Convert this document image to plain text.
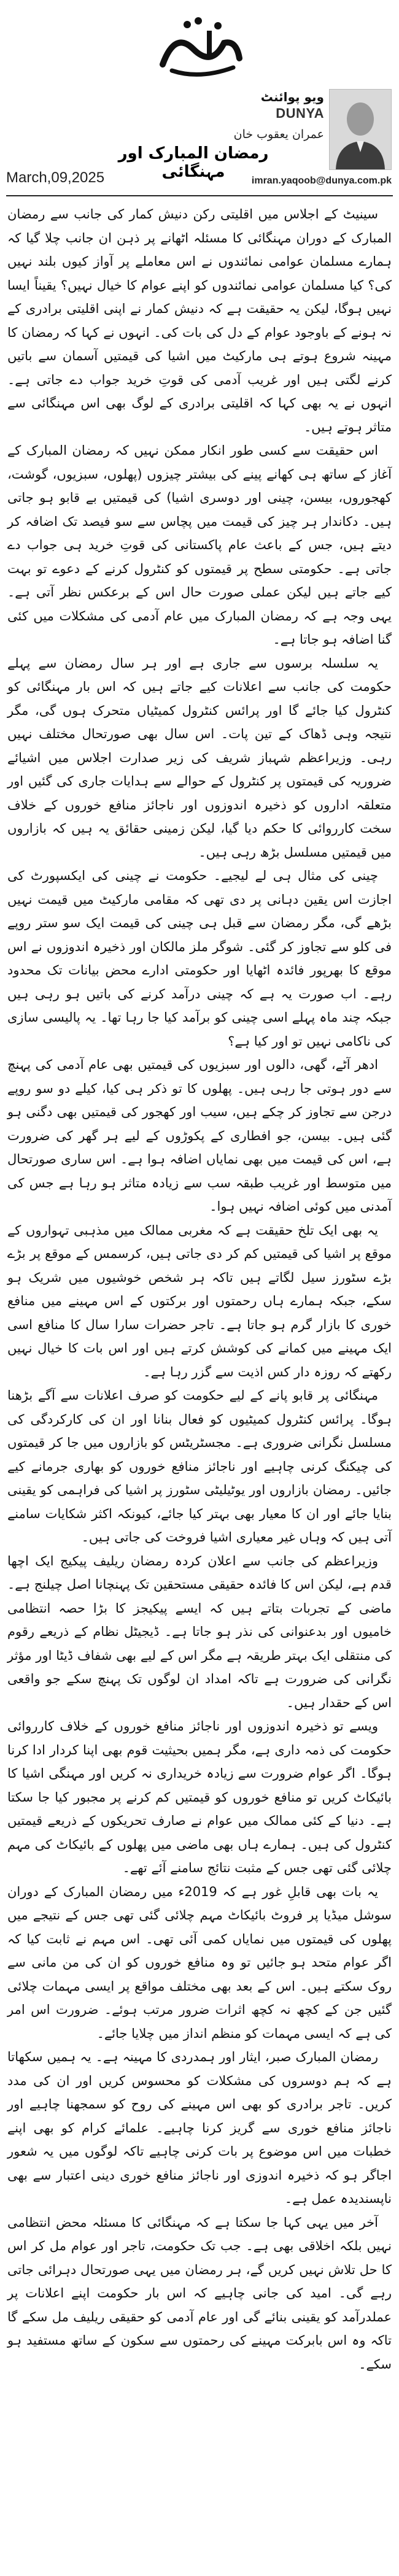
ویو پوائنٹ
DUNYA
عمران یعقوب خان
رمضان المبارک اور مہنگائی
March,09,2025	imran.yaqoob@dunya.com.pk

سینیٹ کے اجلاس میں اقلیتی رکن دنیش کمار کی جانب سے رمضان المبارک کے دوران مہنگائی کا مسئلہ اٹھانے پر ذہن ان جانب چلا گیا کہ ہمارے مسلمان عوامی نمائندوں نے اس معاملے پر آواز کیوں بلند نہیں کی؟ کیا مسلمان عوامی نمائندوں کو اپنے عوام کا خیال نہیں؟ یقیناً ایسا نہیں ہوگا، لیکن یہ حقیقت ہے کہ دنیش کمار نے اپنی اقلیتی برادری کے نہ ہونے کے باوجود عوام کے دل کی بات کی۔ انہوں نے کہا کہ رمضان کا مہینہ شروع ہوتے ہی مارکیٹ میں اشیا کی قیمتیں آسمان سے باتیں کرنے لگتی ہیں اور غریب آدمی کی قوتِ خرید جواب دے جاتی ہے۔ انہوں نے یہ بھی کہا کہ اقلیتی برادری کے لوگ بھی اس مہنگائی سے متاثر ہوتے ہیں۔

اس حقیقت سے کسی طور انکار ممکن نہیں کہ رمضان المبارک کے آغاز کے ساتھ ہی کھانے پینے کی بیشتر چیزوں (پھلوں، سبزیوں، گوشت، کھجوروں، بیسن، چینی اور دوسری اشیا) کی قیمتیں بے قابو ہو جاتی ہیں۔ دکاندار ہر چیز کی قیمت میں پچاس سے سو فیصد تک اضافہ کر دیتے ہیں، جس کے باعث عام پاکستانی کی قوتِ خرید ہی جواب دے جاتی ہے۔ حکومتی سطح پر قیمتوں کو کنٹرول کرنے کے دعوے تو بہت کیے جاتے ہیں لیکن عملی صورت حال اس کے برعکس نظر آتی ہے۔ یہی وجہ ہے کہ رمضان المبارک میں عام آدمی کی مشکلات میں کئی گنا اضافہ ہو جاتا ہے۔

یہ سلسلہ برسوں سے جاری ہے اور ہر سال رمضان سے پہلے حکومت کی جانب سے اعلانات کیے جاتے ہیں کہ اس بار مہنگائی کو کنٹرول کیا جائے گا اور پرائس کنٹرول کمیٹیاں متحرک ہوں گی، مگر نتیجہ وہی ڈھاک کے تین پات۔ اس سال بھی صورتحال مختلف نہیں رہی۔ وزیراعظم شہباز شریف کی زیر صدارت اجلاس میں اشیائے ضروریہ کی قیمتوں پر کنٹرول کے حوالے سے ہدایات جاری کی گئیں اور متعلقہ اداروں کو ذخیرہ اندوزوں اور ناجائز منافع خوروں کے خلاف سخت کارروائی کا حکم دیا گیا، لیکن زمینی حقائق یہ ہیں کہ بازاروں میں قیمتیں مسلسل بڑھ رہی ہیں۔

چینی کی مثال ہی لے لیجیے۔ حکومت نے چینی کی ایکسپورٹ کی اجازت اس یقین دہانی پر دی تھی کہ مقامی مارکیٹ میں قیمت نہیں بڑھے گی، مگر رمضان سے قبل ہی چینی کی قیمت ایک سو ستر روپے فی کلو سے تجاوز کر گئی۔ شوگر ملز مالکان اور ذخیرہ اندوزوں نے اس موقع کا بھرپور فائدہ اٹھایا اور حکومتی ادارے محض بیانات تک محدود رہے۔ اب صورت یہ ہے کہ چینی درآمد کرنے کی باتیں ہو رہی ہیں جبکہ چند ماہ پہلے اسی چینی کو برآمد کیا جا رہا تھا۔ یہ پالیسی سازی کی ناکامی نہیں تو اور کیا ہے؟

ادھر آٹے، گھی، دالوں اور سبزیوں کی قیمتیں بھی عام آدمی کی پہنچ سے دور ہوتی جا رہی ہیں۔ پھلوں کا تو ذکر ہی کیا، کیلے دو سو روپے درجن سے تجاوز کر چکے ہیں، سیب اور کھجور کی قیمتیں بھی دگنی ہو گئی ہیں۔ بیسن، جو افطاری کے پکوڑوں کے لیے ہر گھر کی ضرورت ہے، اس کی قیمت میں بھی نمایاں اضافہ ہوا ہے۔ اس ساری صورتحال میں متوسط اور غریب طبقہ سب سے زیادہ متاثر ہو رہا ہے جس کی آمدنی میں کوئی اضافہ نہیں ہوا۔

یہ بھی ایک تلخ حقیقت ہے کہ مغربی ممالک میں مذہبی تہواروں کے موقع پر اشیا کی قیمتیں کم کر دی جاتی ہیں، کرسمس کے موقع پر بڑے بڑے سٹورز سیل لگاتے ہیں تاکہ ہر شخص خوشیوں میں شریک ہو سکے، جبکہ ہمارے ہاں رحمتوں اور برکتوں کے اس مہینے میں منافع خوری کا بازار گرم ہو جاتا ہے۔ تاجر حضرات سارا سال کا منافع اسی ایک مہینے میں کمانے کی کوشش کرتے ہیں اور اس بات کا خیال نہیں رکھتے کہ روزہ دار کس اذیت سے گزر رہا ہے۔

مہنگائی پر قابو پانے کے لیے حکومت کو صرف اعلانات سے آگے بڑھنا ہوگا۔ پرائس کنٹرول کمیٹیوں کو فعال بنانا اور ان کی کارکردگی کی مسلسل نگرانی ضروری ہے۔ مجسٹریٹس کو بازاروں میں جا کر قیمتوں کی چیکنگ کرنی چاہیے اور ناجائز منافع خوروں کو بھاری جرمانے کیے جائیں۔ رمضان بازاروں اور یوٹیلیٹی سٹورز پر اشیا کی فراہمی کو یقینی بنایا جائے اور ان کا معیار بھی بہتر کیا جائے، کیونکہ اکثر شکایات سامنے آتی ہیں کہ وہاں غیر معیاری اشیا فروخت کی جاتی ہیں۔

وزیراعظم کی جانب سے اعلان کردہ رمضان ریلیف پیکیج ایک اچھا قدم ہے، لیکن اس کا فائدہ حقیقی مستحقین تک پہنچانا اصل چیلنج ہے۔ ماضی کے تجربات بتاتے ہیں کہ ایسے پیکیجز کا بڑا حصہ انتظامی خامیوں اور بدعنوانی کی نذر ہو جاتا ہے۔ ڈیجیٹل نظام کے ذریعے رقوم کی منتقلی ایک بہتر طریقہ ہے مگر اس کے لیے بھی شفاف ڈیٹا اور مؤثر نگرانی کی ضرورت ہے تاکہ امداد ان لوگوں تک پہنچ سکے جو واقعی اس کے حقدار ہیں۔

ویسے تو ذخیرہ اندوزوں اور ناجائز منافع خوروں کے خلاف کارروائی حکومت کی ذمہ داری ہے، مگر ہمیں بحیثیت قوم بھی اپنا کردار ادا کرنا ہوگا۔ اگر عوام ضرورت سے زیادہ خریداری نہ کریں اور مہنگی اشیا کا بائیکاٹ کریں تو منافع خوروں کو قیمتیں کم کرنے پر مجبور کیا جا سکتا ہے۔ دنیا کے کئی ممالک میں عوام نے صارف تحریکوں کے ذریعے قیمتیں کنٹرول کی ہیں۔ ہمارے ہاں بھی ماضی میں پھلوں کے بائیکاٹ کی مہم چلائی گئی تھی جس کے مثبت نتائج سامنے آئے تھے۔

یہ بات بھی قابلِ غور ہے کہ 2019ء میں رمضان المبارک کے دوران سوشل میڈیا پر فروٹ بائیکاٹ مہم چلائی گئی تھی جس کے نتیجے میں پھلوں کی قیمتوں میں نمایاں کمی آئی تھی۔ اس مہم نے ثابت کیا کہ اگر عوام متحد ہو جائیں تو وہ منافع خوروں کو ان کی من مانی سے روک سکتے ہیں۔ اس کے بعد بھی مختلف مواقع پر ایسی مہمات چلائی گئیں جن کے کچھ نہ کچھ اثرات ضرور مرتب ہوئے۔ ضرورت اس امر کی ہے کہ ایسی مہمات کو منظم انداز میں چلایا جائے۔

رمضان المبارک صبر، ایثار اور ہمدردی کا مہینہ ہے۔ یہ ہمیں سکھاتا ہے کہ ہم دوسروں کی مشکلات کو محسوس کریں اور ان کی مدد کریں۔ تاجر برادری کو بھی اس مہینے کی روح کو سمجھنا چاہیے اور ناجائز منافع خوری سے گریز کرنا چاہیے۔ علمائے کرام کو بھی اپنے خطبات میں اس موضوع پر بات کرنی چاہیے تاکہ لوگوں میں یہ شعور اجاگر ہو کہ ذخیرہ اندوزی اور ناجائز منافع خوری دینی اعتبار سے بھی ناپسندیدہ عمل ہے۔

آخر میں یہی کہا جا سکتا ہے کہ مہنگائی کا مسئلہ محض انتظامی نہیں بلکہ اخلاقی بھی ہے۔ جب تک حکومت، تاجر اور عوام مل کر اس کا حل تلاش نہیں کریں گے، ہر رمضان میں یہی صورتحال دہرائی جاتی رہے گی۔ امید کی جانی چاہیے کہ اس بار حکومت اپنے اعلانات پر عملدرآمد کو یقینی بنائے گی اور عام آدمی کو حقیقی ریلیف مل سکے گا تاکہ وہ اس بابرکت مہینے کی رحمتوں سے سکون کے ساتھ مستفید ہو سکے۔
